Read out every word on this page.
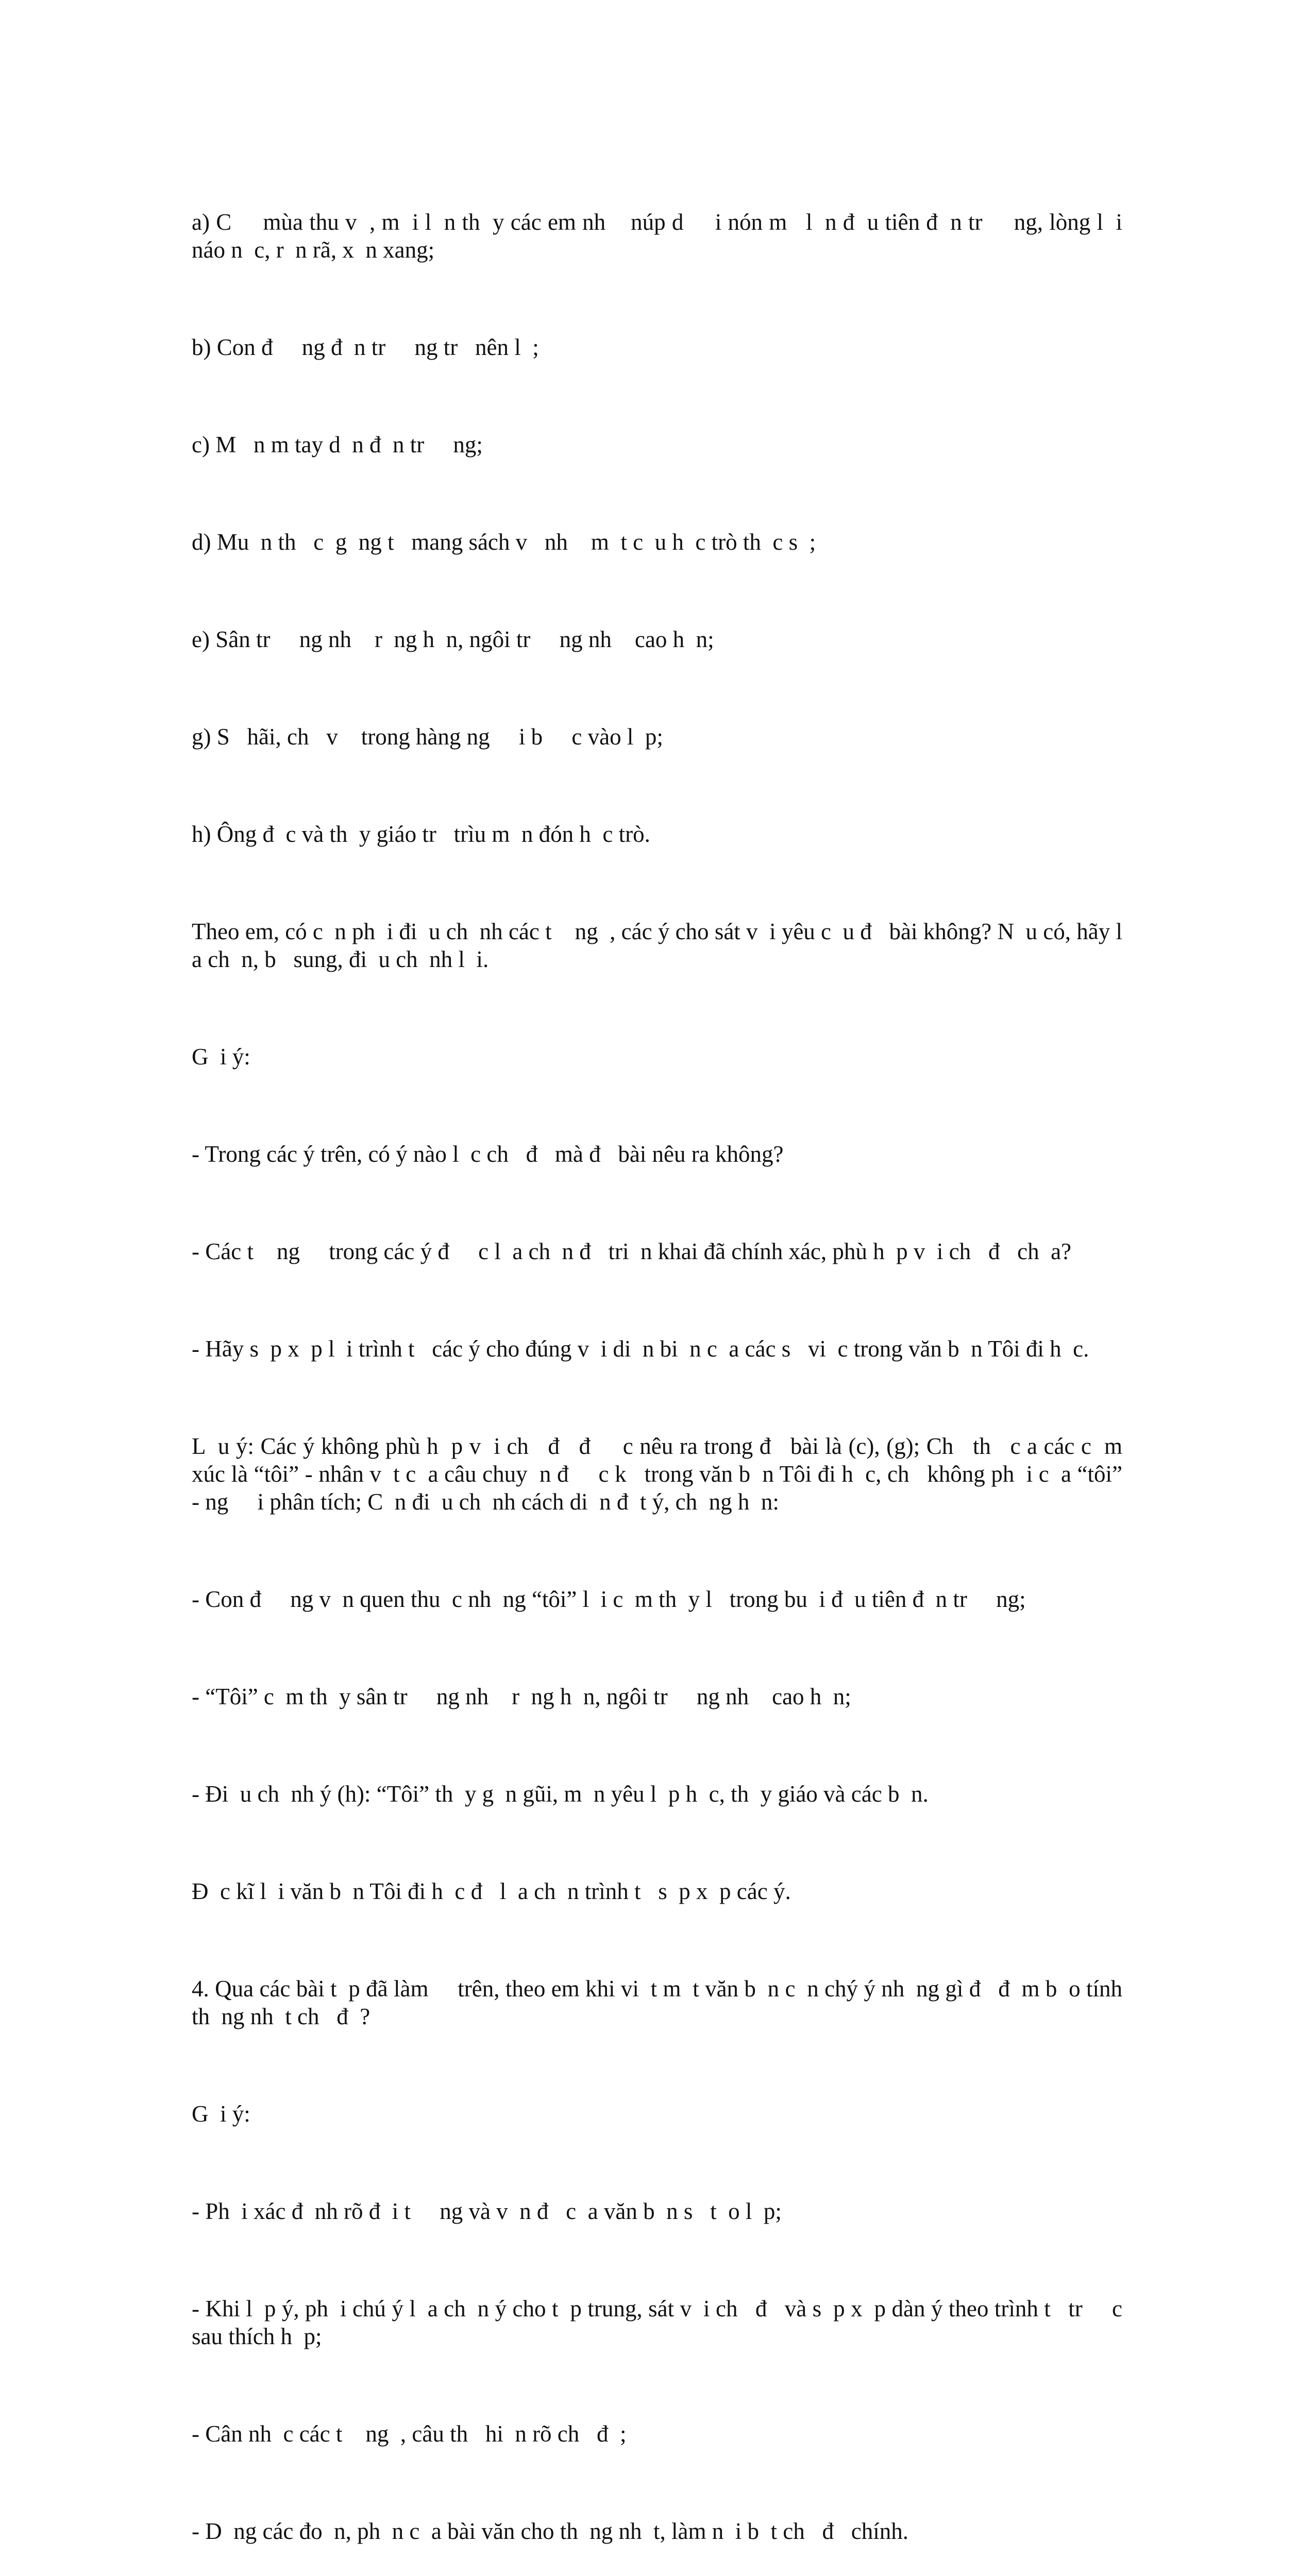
a) C     mùa thu v  , m  i l  n th  y các em nh    núp d     i nón m   l  n đ  u tiên đ  n tr     ng, lòng l  i náo n  c, r  n rã, x  n xang;

b) Con đ     ng đ  n tr     ng tr   nên l  ;

c) M   n m tay d  n đ  n tr     ng;

d) Mu  n th   c  g  ng t   mang sách v   nh    m  t c  u h  c trò th  c s  ;

e) Sân tr     ng nh    r  ng h  n, ngôi tr     ng nh    cao h  n;

g) S   hãi, ch   v    trong hàng ng     i b     c vào l  p;

h) Ông đ  c và th  y giáo tr   trìu m  n đón h  c trò.

Theo em, có c  n ph  i đi  u ch  nh các t    ng  , các ý cho sát v  i yêu c  u đ   bài không? N  u có, hãy l  a ch  n, b   sung, đi  u ch  nh l  i.

G  i ý:

- Trong các ý trên, có ý nào l  c ch   đ   mà đ   bài nêu ra không?

- Các t    ng     trong các ý đ     c l  a ch  n đ   tri  n khai đã chính xác, phù h  p v  i ch   đ   ch  a?

- Hãy s  p x  p l  i trình t   các ý cho đúng v  i di  n bi  n c  a các s   vi  c trong văn b  n Tôi đi h  c.

L  u ý: Các ý không phù h  p v  i ch   đ   đ     c nêu ra trong đ   bài là (c), (g); Ch   th   c a các c  m xúc là “tôi” - nhân v  t c  a câu chuy  n đ     c k   trong văn b  n Tôi đi h  c, ch   không ph  i c  a “tôi” - ng     i phân tích; C  n đi  u ch  nh cách di  n đ  t ý, ch  ng h  n:

- Con đ     ng v  n quen thu  c nh  ng “tôi” l  i c  m th  y l   trong bu  i đ  u tiên đ  n tr     ng;

- “Tôi” c  m th  y sân tr     ng nh    r  ng h  n, ngôi tr     ng nh    cao h  n;

- Đi  u ch  nh ý (h): “Tôi” th  y g  n gũi, m  n yêu l  p h  c, th  y giáo và các b  n.

Đ  c kĩ l  i văn b  n Tôi đi h  c đ   l  a ch  n trình t   s  p x  p các ý.

4. Qua các bài t  p đã làm     trên, theo em khi vi  t m  t văn b  n c  n chý ý nh  ng gì đ   đ  m b  o tính th  ng nh  t ch   đ  ?

G  i ý:

- Ph  i xác đ  nh rõ đ  i t     ng và v  n đ   c  a văn b  n s   t  o l  p;

- Khi l  p ý, ph  i chú ý l  a ch  n ý cho t  p trung, sát v  i ch   đ   và s  p x  p dàn ý theo trình t   tr     c sau thích h  p;

- Cân nh  c các t    ng  , câu th   hi  n rõ ch   đ  ;

- D  ng các đo  n, ph  n c  a bài văn cho th  ng nh  t, làm n  i b  t ch   đ   chính.
